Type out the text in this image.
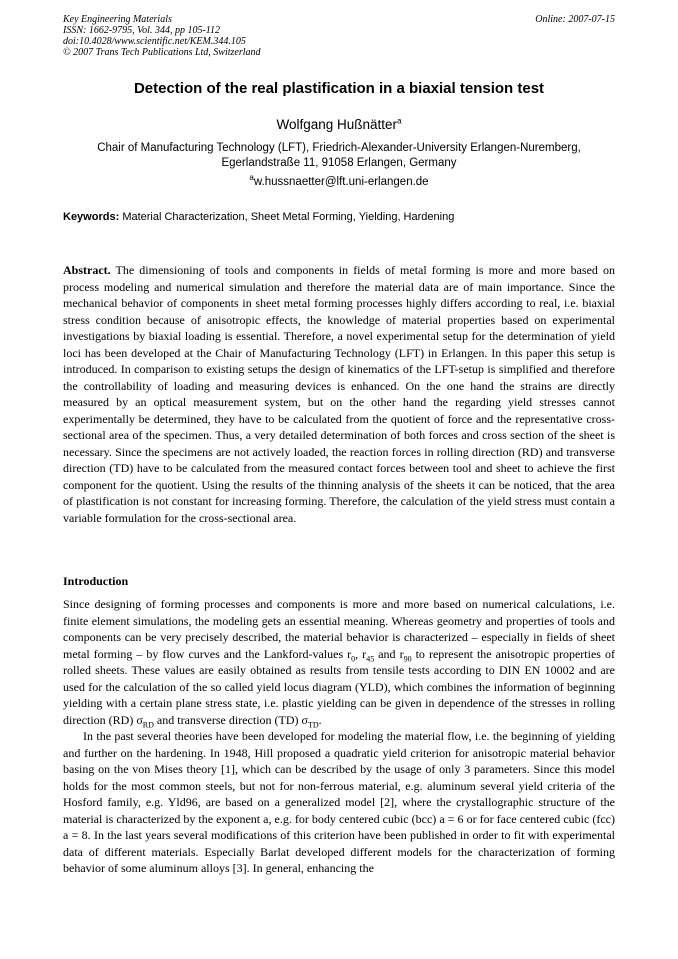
Key Engineering Materials
ISSN: 1662-9795, Vol. 344, pp 105-112
doi:10.4028/www.scientific.net/KEM.344.105
© 2007 Trans Tech Publications Ltd, Switzerland
Online: 2007-07-15
Detection of the real plastification in a biaxial tension test
Wolfgang Hußnätter$^a$
Chair of Manufacturing Technology (LFT), Friedrich-Alexander-University Erlangen-Nuremberg,
Egerlandstraße 11, 91058 Erlangen, Germany
$^a$w.hussnaetter@lft.uni-erlangen.de
Keywords: Material Characterization, Sheet Metal Forming, Yielding, Hardening
Abstract. The dimensioning of tools and components in fields of metal forming is more and more based on process modeling and numerical simulation and therefore the material data are of main importance. Since the mechanical behavior of components in sheet metal forming processes highly differs according to real, i.e. biaxial stress condition because of anisotropic effects, the knowledge of material properties based on experimental investigations by biaxial loading is essential. Therefore, a novel experimental setup for the determination of yield loci has been developed at the Chair of Manufacturing Technology (LFT) in Erlangen. In this paper this setup is introduced. In comparison to existing setups the design of kinematics of the LFT-setup is simplified and therefore the controllability of loading and measuring devices is enhanced. On the one hand the strains are directly measured by an optical measurement system, but on the other hand the regarding yield stresses cannot experimentally be determined, they have to be calculated from the quotient of force and the representative cross-sectional area of the specimen. Thus, a very detailed determination of both forces and cross section of the sheet is necessary. Since the specimens are not actively loaded, the reaction forces in rolling direction (RD) and transverse direction (TD) have to be calculated from the measured contact forces between tool and sheet to achieve the first component for the quotient. Using the results of the thinning analysis of the sheets it can be noticed, that the area of plastification is not constant for increasing forming. Therefore, the calculation of the yield stress must contain a variable formulation for the cross-sectional area.
Introduction

Since designing of forming processes and components is more and more based on numerical calculations, i.e. finite element simulations, the modeling gets an essential meaning. Whereas geometry and properties of tools and components can be very precisely described, the material behavior is characterized – especially in fields of sheet metal forming – by flow curves and the Lankford-values $r_0$, $r_{45}$ and $r_{90}$ to represent the anisotropic properties of rolled sheets. These values are easily obtained as results from tensile tests according to DIN EN 10002 and are used for the calculation of the so called yield locus diagram (YLD), which combines the information of beginning yielding with a certain plane stress state, i.e. plastic yielding can be given in dependence of the stresses in rolling direction (RD) $\sigma_{RD}$ and transverse direction (TD) $\sigma_{TD}$.

In the past several theories have been developed for modeling the material flow, i.e. the beginning of yielding and further on the hardening. In 1948, Hill proposed a quadratic yield criterion for anisotropic material behavior basing on the von Mises theory [1], which can be described by the usage of only 3 parameters. Since this model holds for the most common steels, but not for non-ferrous material, e.g. aluminum several yield criteria of the Hosford family, e.g. Yld96, are based on a generalized model [2], where the crystallographic structure of the material is characterized by the exponent a, e.g. for body centered cubic (bcc) a = 6 or for face centered cubic (fcc) a = 8. In the last years several modifications of this criterion have been published in order to fit with experimental data of different materials. Especially Barlat developed different models for the characterization of forming behavior of some aluminum alloys [3]. In general, enhancing the
